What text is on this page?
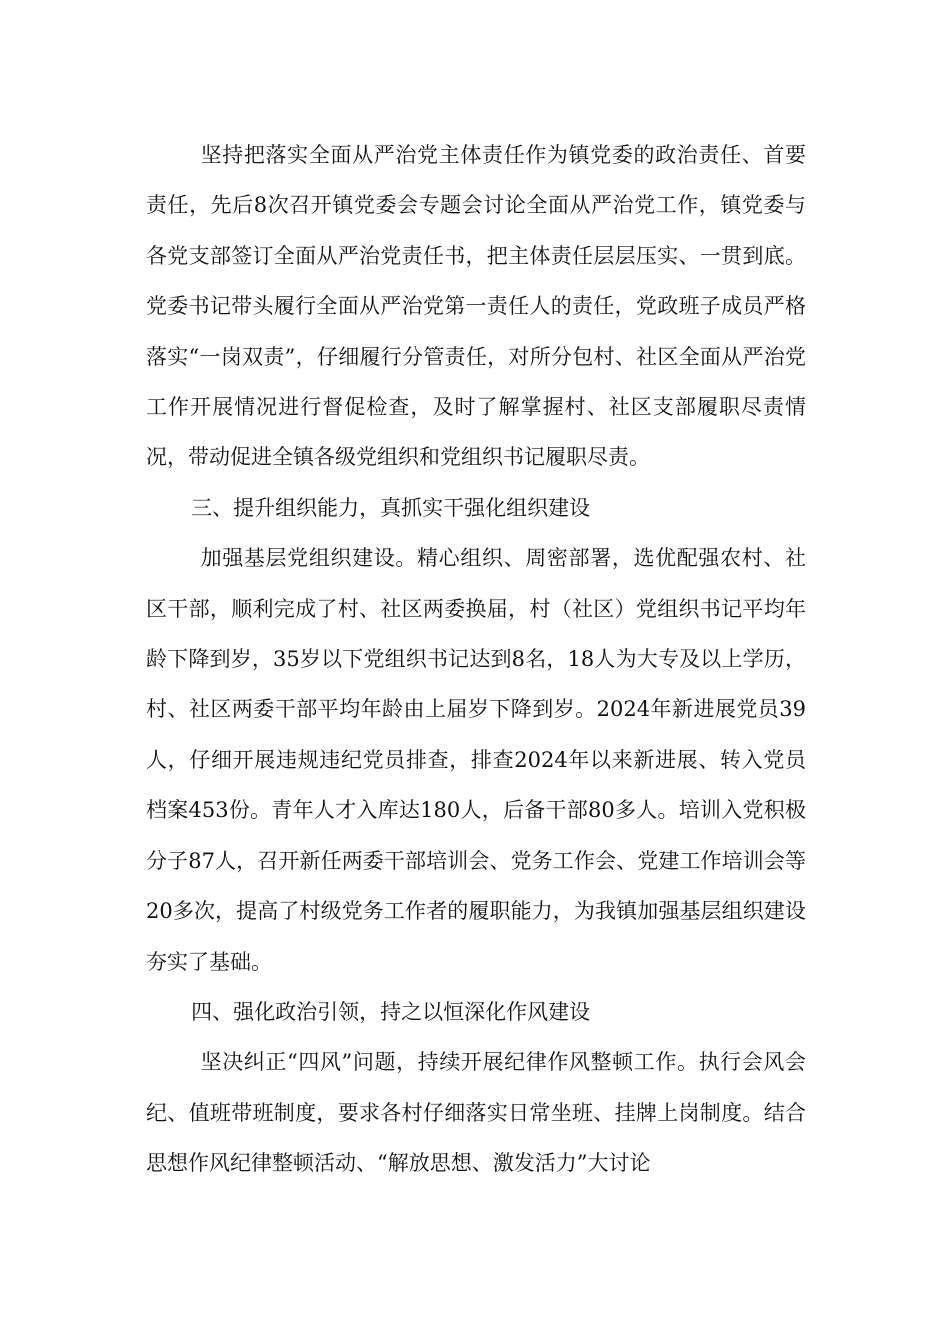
坚持把落实全面从严治党主体责任作为镇党委的政治责任、首要责任，先后8次召开镇党委会专题会讨论全面从严治党工作，镇党委与各党支部签订全面从严治党责任书，把主体责任层层压实、一贯到底。党委书记带头履行全面从严治党第一责任人的责任，党政班子成员严格落实“一岗双责”，仔细履行分管责任，对所分包村、社区全面从严治党工作开展情况进行督促检查，及时了解掌握村、社区支部履职尽责情况，带动促进全镇各级党组织和党组织书记履职尽责。

三、提升组织能力，真抓实干强化组织建设

加强基层党组织建设。精心组织、周密部署，选优配强农村、社区干部，顺利完成了村、社区两委换届，村（社区）党组织书记平均年龄下降到岁，35岁以下党组织书记达到8名，18人为大专及以上学历，村、社区两委干部平均年龄由上届岁下降到岁。2024年新进展党员39人，仔细开展违规违纪党员排查，排查2024年以来新进展、转入党员档案453份。青年人才入库达180人，后备干部80多人。培训入党积极分子87人，召开新任两委干部培训会、党务工作会、党建工作培训会等20多次，提高了村级党务工作者的履职能力，为我镇加强基层组织建设夯实了基础。

四、强化政治引领，持之以恒深化作风建设

坚决纠正“四风”问题，持续开展纪律作风整顿工作。执行会风会纪、值班带班制度，要求各村仔细落实日常坐班、挂牌上岗制度。结合思想作风纪律整顿活动、“解放思想、激发活力”大讨论
